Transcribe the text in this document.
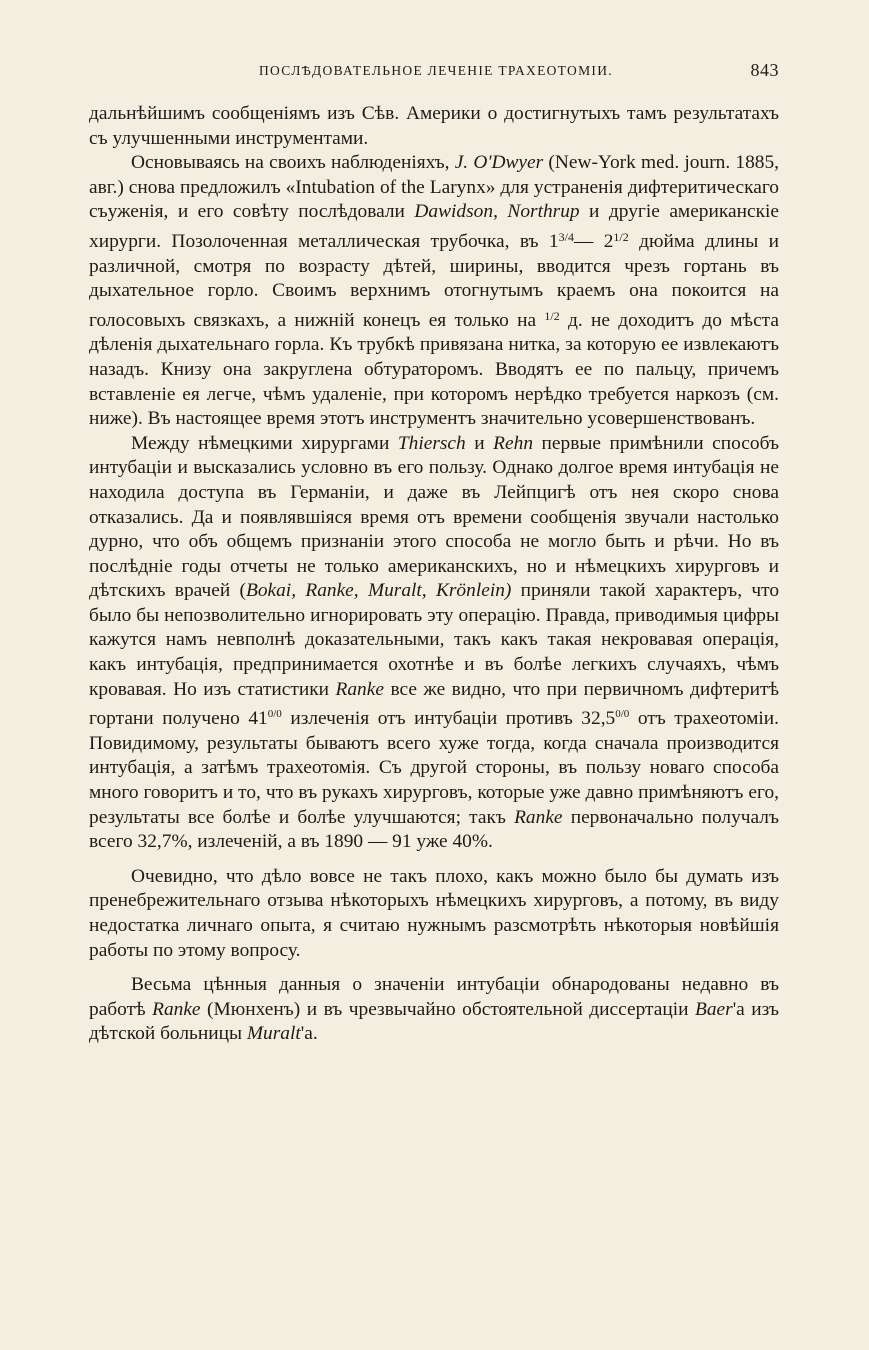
ПОСЛѢДОВАТЕЛЬНОЕ ЛЕЧЕНІЕ ТРАХЕОТОМІИ.	843

дальнѣйшимъ сообщеніямъ изъ Сѣв. Америки о достигнутыхъ тамъ результатахъ съ улучшенными инструментами.

Основываясь на своихъ наблюденіяхъ, J. O'Dwyer (New-York med. journ. 1885, авг.) снова предложилъ «Intubation of the Larynx» для устраненія дифтеритическаго съуженія, и его совѣту послѣдовали Dawidson, Northrup и другіе американскіе хирурги. Позолоченная металлическая трубочка, въ $1^{3/4}—$ $2^{1/2}$ дюйма длины и различной, смотря по возрасту дѣтей, ширины, вводится чрезъ гортань въ дыхательное горло. Своимъ верхнимъ отогнутымъ краемъ она покоится на голосовыхъ связкахъ, а нижній конецъ ея только на $^{1/2}$ д. не доходитъ до мѣста дѣленія дыхательнаго горла. Къ трубкѣ привязана нитка, за которую ее извлекаютъ назадъ. Книзу она закруглена обтураторомъ. Вводятъ ее по пальцу, причемъ вставленіе ея легче, чѣмъ удаленіе, при которомъ нерѣдко требуется наркозъ (см. ниже). Въ настоящее время этотъ инструментъ значительно усовершенствованъ.

Между нѣмецкими хирургами Thiersch и Rehn первые примѣнили способъ интубаціи и высказались условно въ его пользу. Однако долгое время интубація не находила доступа въ Германіи, и даже въ Лейпцигѣ отъ нея скоро снова отказались. Да и появлявшіяся время отъ времени сообщенія звучали настолько дурно, что объ общемъ признаніи этого способа не могло быть и рѣчи. Но въ послѣдніе годы отчеты не только американскихъ, но и нѣмецкихъ хирурговъ и дѣтскихъ врачей (Bokai, Ranke, Muralt, Krönlein) приняли такой характеръ, что было бы непозволительно игнорировать эту операцію. Правда, приводимыя цифры кажутся намъ невполнѣ доказательными, такъ какъ такая некровавая операція, какъ интубація, предпринимается охотнѣе и въ болѣе легкихъ случаяхъ, чѣмъ кровавая. Но изъ статистики Ranke все же видно, что при первичномъ дифтеритѣ гортани получено $41^{0/0}$ излеченія отъ интубаціи противъ $32,5^{0/0}$ отъ трахеотоміи. Повидимому, результаты бываютъ всего хуже тогда, когда сначала производится интубація, а затѣмъ трахеотомія. Съ другой стороны, въ пользу новаго способа много говоритъ и то, что въ рукахъ хирурговъ, которые уже давно примѣняютъ его, результаты все болѣе и болѣе улучшаются; такъ Ranke первоначально получалъ всего 32,7%, излеченій, а въ 1890 — 91 уже 40%.

Очевидно, что дѣло вовсе не такъ плохо, какъ можно было бы думать изъ пренебрежительнаго отзыва нѣкоторыхъ нѣмецкихъ хирурговъ, а потому, въ виду недостатка личнаго опыта, я считаю нужнымъ разсмотрѣть нѣкоторыя новѣйшія работы по этому вопросу.

Весьма цѣнныя данныя о значеніи интубаціи обнародованы недавно въ работѣ Ranke (Мюнхенъ) и въ чрезвычайно обстоятельной диссертаціи Baer'а изъ дѣтской больницы Muralt'а.
